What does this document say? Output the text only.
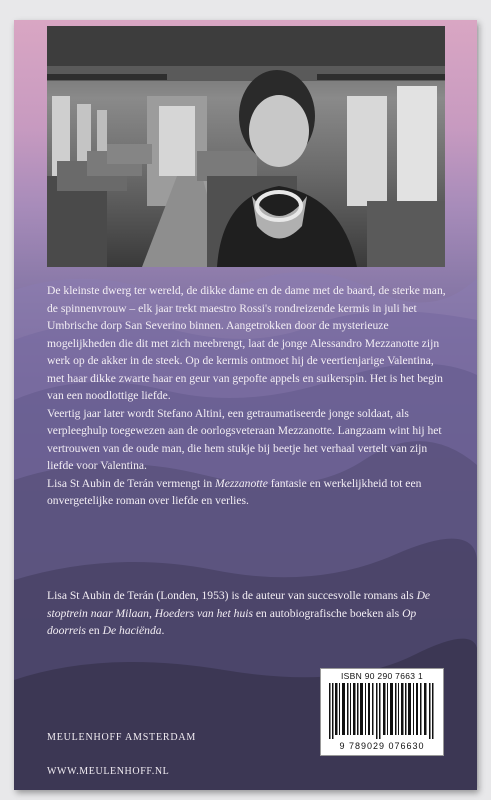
De kleinste dwerg ter wereld, de dikke dame en de dame met de baard, de sterke man, de spinnenvrouw – elk jaar trekt maestro Rossi's rondreizende kermis in juli het Umbrische dorp San Severino binnen. Aangetrokken door de mysterieuze mogelijkheden die dit met zich meebrengt, laat de jonge Alessandro Mezzanotte zijn werk op de akker in de steek. Op de kermis ontmoet hij de veertienjarige Valentina, met haar dikke zwarte haar en geur van gepofte appels en suikerspin. Het is het begin van een noodlottige liefde.

Veertig jaar later wordt Stefano Altini, een getraumatiseerde jonge soldaat, als verpleeghulp toegewezen aan de oorlogsveteraan Mezzanotte. Langzaam wint hij het vertrouwen van de oude man, die hem stukje bij beetje het verhaal vertelt van zijn liefde voor Valentina.

Lisa St Aubin de Terán vermengt in Mezzanotte fantasie en werkelijkheid tot een onvergetelijke roman over liefde en verlies.

Lisa St Aubin de Terán (Londen, 1953) is de auteur van succesvolle romans als De stoptrein naar Milaan, Hoeders van het huis en autobiografische boeken als Op doorreis en De haciënda.

ISBN 90 290 7663 1
9 789029 076630
MEULENHOFF AMSTERDAM
WWW.MEULENHOFF.NL
